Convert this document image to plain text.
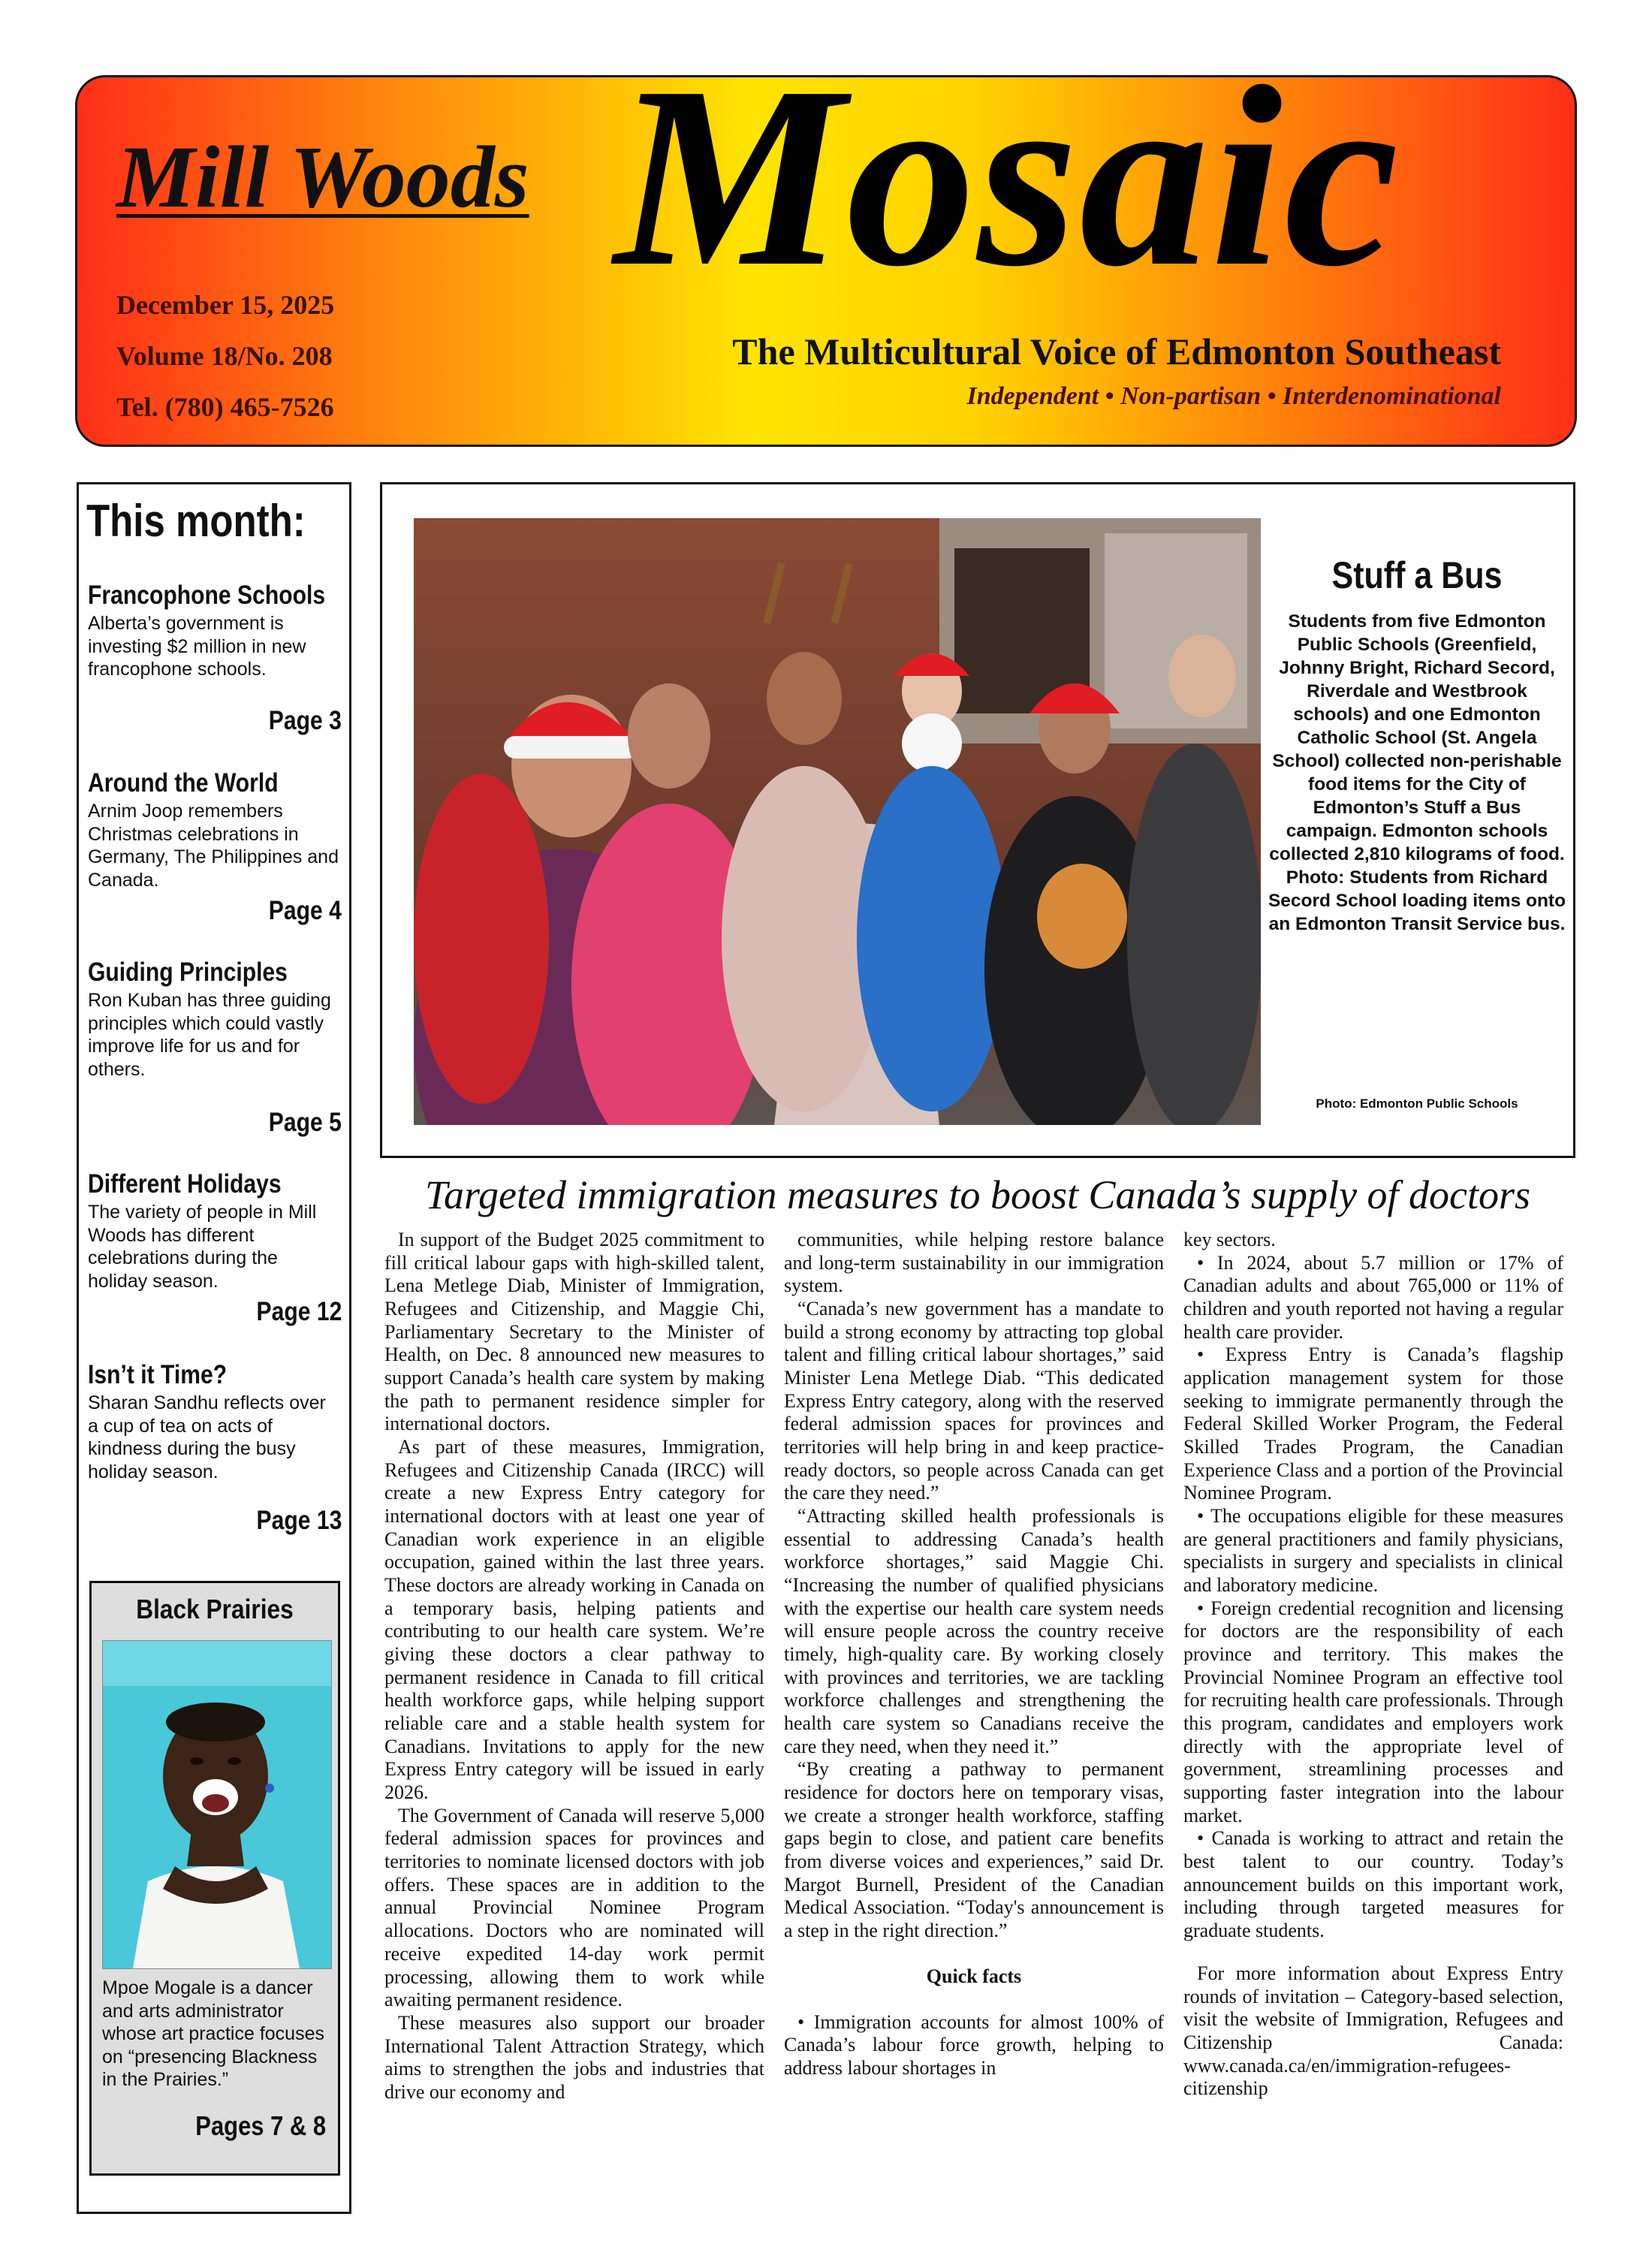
Mill Woods Mosaic
December 15, 2025
Volume 18/No. 208
Tel. (780) 465-7526
The Multicultural Voice of Edmonton Southeast
Independent • Non-partisan • Interdenominational
This month:
Francophone Schools
Alberta’s government is investing $2 million in new francophone schools.
Page 3
Around the World
Arnim Joop remembers Christmas celebrations in Germany, The Philippines and Canada.
Page 4
Guiding Principles
Ron Kuban has three guiding principles which could vastly improve life for us and for others.
Page 5
Different Holidays
The variety of people in Mill Woods has different celebrations during the holiday season.
Page 12
Isn’t it Time?
Sharan Sandhu reflects over a cup of tea on acts of kindness during the busy holiday season.
Page 13
Black Prairies
Mpoe Mogale is a dancer and arts administrator whose art practice focuses on “presencing Blackness in the Prairies.”
Pages 7 & 8
Stuff a Bus
Students from five Edmonton Public Schools (Greenfield, Johnny Bright, Richard Secord, Riverdale and Westbrook schools) and one Edmonton Catholic School (St. Angela School) collected non-perishable food items for the City of Edmonton’s Stuff a Bus campaign. Edmonton schools collected 2,810 kilograms of food. Photo: Students from Richard Secord School loading items onto an Edmonton Transit Service bus.
Photo: Edmonton Public Schools
Targeted immigration measures to boost Canada’s supply of doctors

In support of the Budget 2025 commitment to fill critical labour gaps with high-skilled talent, Lena Metlege Diab, Minister of Immigration, Refugees and Citizenship, and Maggie Chi, Parliamentary Secretary to the Minister of Health, on Dec. 8 announced new measures to support Canada’s health care system by making the path to permanent residence simpler for international doctors.

As part of these measures, Immigration, Refugees and Citizenship Canada (IRCC) will create a new Express Entry category for international doctors with at least one year of Canadian work experience in an eligible occupation, gained within the last three years. These doctors are already working in Canada on a temporary basis, helping patients and contributing to our health care system. We’re giving these doctors a clear pathway to permanent residence in Canada to fill critical health workforce gaps, while helping support reliable care and a stable health system for Canadians. Invitations to apply for the new Express Entry category will be issued in early 2026.

The Government of Canada will reserve 5,000 federal admission spaces for provinces and territories to nominate licensed doctors with job offers. These spaces are in addition to the annual Provincial Nominee Program allocations. Doctors who are nominated will receive expedited 14-day work permit processing, allowing them to work while awaiting permanent residence.

These measures also support our broader International Talent Attraction Strategy, which aims to strengthen the jobs and industries that drive our economy and

communities, while helping restore balance and long-term sustainability in our immigration system.

“Canada’s new government has a mandate to build a strong economy by attracting top global talent and filling critical labour shortages,” said Minister Lena Metlege Diab. “This dedicated Express Entry category, along with the reserved federal admission spaces for provinces and territories will help bring in and keep practice-ready doctors, so people across Canada can get the care they need.”

“Attracting skilled health professionals is essential to addressing Canada’s health workforce shortages,” said Maggie Chi. “Increasing the number of qualified physicians with the expertise our health care system needs will ensure people across the country receive timely, high-quality care. By working closely with provinces and territories, we are tackling workforce challenges and strengthening the health care system so Canadians receive the care they need, when they need it.”

“By creating a pathway to permanent residence for doctors here on temporary visas, we create a stronger health workforce, staffing gaps begin to close, and patient care benefits from diverse voices and experiences,” said Dr. Margot Burnell, President of the Canadian Medical Association. “Today's announcement is a step in the right direction.”

Quick facts

• Immigration accounts for almost 100% of Canada’s labour force growth, helping to address labour shortages in

key sectors.

• In 2024, about 5.7 million or 17% of Canadian adults and about 765,000 or 11% of children and youth reported not having a regular health care provider.

• Express Entry is Canada’s flagship application management system for those seeking to immigrate permanently through the Federal Skilled Worker Program, the Federal Skilled Trades Program, the Canadian Experience Class and a portion of the Provincial Nominee Program.

• The occupations eligible for these measures are general practitioners and family physicians, specialists in surgery and specialists in clinical and laboratory medicine.

• Foreign credential recognition and licensing for doctors are the responsibility of each province and territory. This makes the Provincial Nominee Program an effective tool for recruiting health care professionals. Through this program, candidates and employers work directly with the appropriate level of government, streamlining processes and supporting faster integration into the labour market.

• Canada is working to attract and retain the best talent to our country. Today’s announcement builds on this important work, including through targeted measures for graduate students.

For more information about Express Entry rounds of invitation – Category-based selection, visit the website of Immigration, Refugees and Citizenship Canada: www.canada.ca/en/immigration-refugees-citizenship
